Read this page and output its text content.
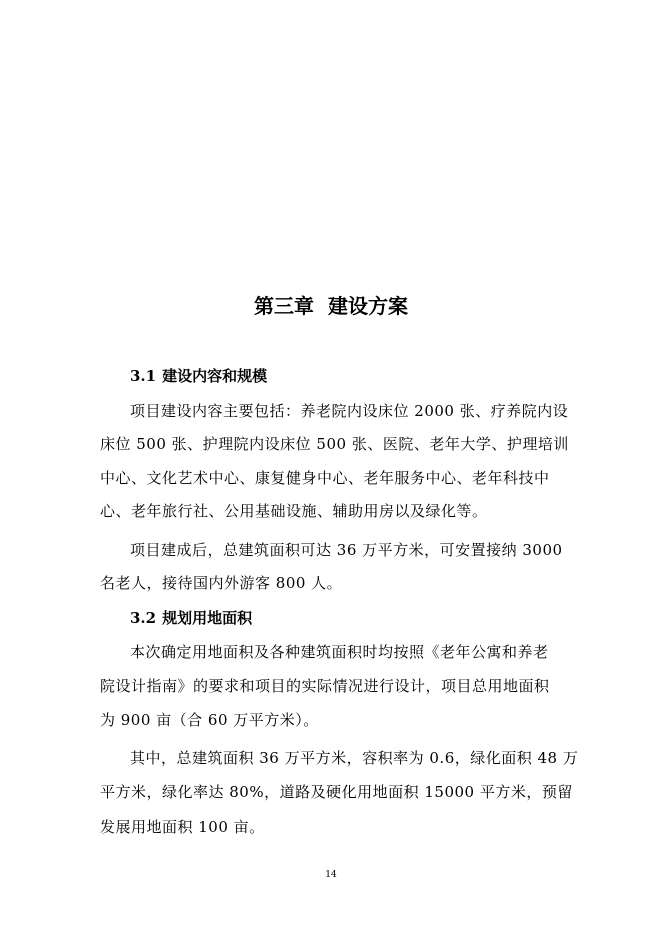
第三章  建设方案
3.1 建设内容和规模
项目建设内容主要包括：养老院内设床位 2000 张、疗养院内设
床位 500 张、护理院内设床位 500 张、医院、老年大学、护理培训
中心、文化艺术中心、康复健身中心、老年服务中心、老年科技中
心、老年旅行社、公用基础设施、辅助用房以及绿化等。
项目建成后，总建筑面积可达 36 万平方米，可安置接纳 3000
名老人，接待国内外游客 800 人。
3.2 规划用地面积
本次确定用地面积及各种建筑面积时均按照《老年公寓和养老
院设计指南》的要求和项目的实际情况进行设计，项目总用地面积
为 900 亩（合 60 万平方米）。
其中，总建筑面积 36 万平方米，容积率为 0.6，绿化面积 48 万
平方米，绿化率达 80%，道路及硬化用地面积 15000 平方米，预留
发展用地面积 100 亩。
14
